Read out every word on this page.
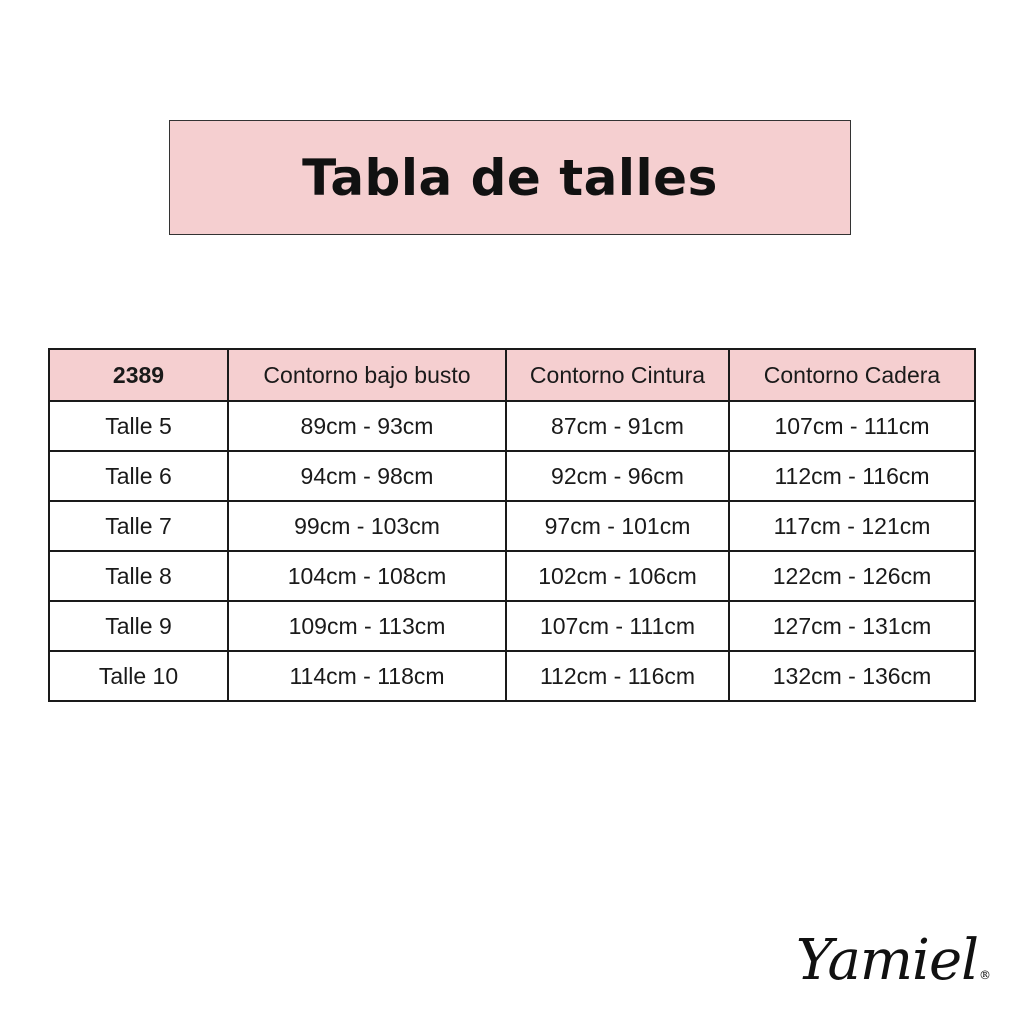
Tabla de talles
2389	Contorno bajo busto	Contorno Cintura	Contorno Cadera
Talle 5	89cm - 93cm	87cm - 91cm	107cm - 111cm
Talle 6	94cm - 98cm	92cm - 96cm	112cm - 116cm
Talle 7	99cm - 103cm	97cm - 101cm	117cm - 121cm
Talle 8	104cm - 108cm	102cm - 106cm	122cm - 126cm
Talle 9	109cm - 113cm	107cm - 111cm	127cm - 131cm
Talle 10	114cm - 118cm	112cm - 116cm	132cm - 136cm
Yamiel®
